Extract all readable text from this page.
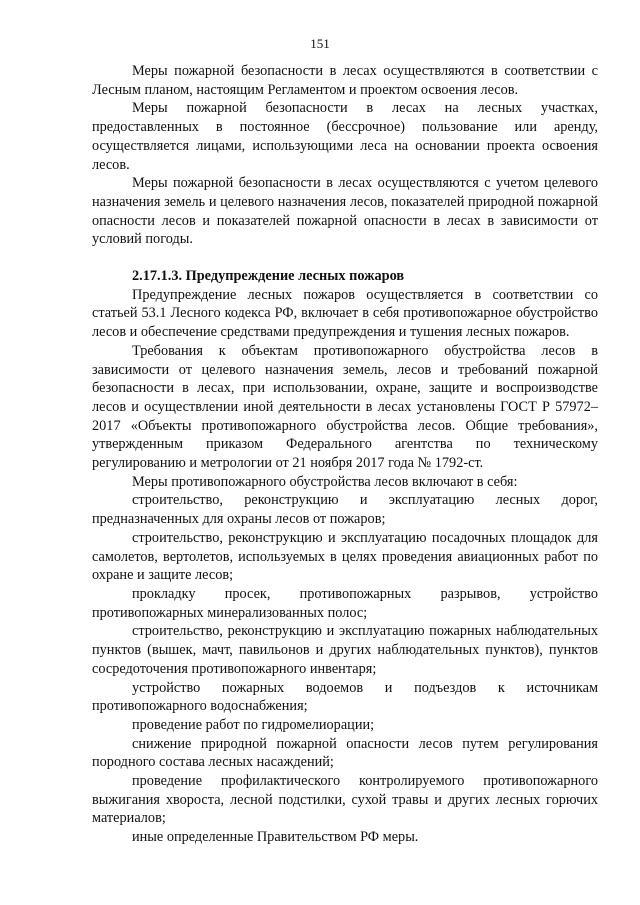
151

Меры пожарной безопасности в лесах осуществляются в соответствии с Лесным планом, настоящим Регламентом и проектом освоения лесов.

Меры пожарной безопасности в лесах на лесных участках, предоставленных в постоянное (бессрочное) пользование или аренду, осуществляется лицами, использующими леса на основании проекта освоения лесов.

Меры пожарной безопасности в лесах осуществляются с учетом целевого назначения земель и целевого назначения лесов, показателей природной пожарной опасности лесов и показателей пожарной опасности в лесах в зависимости от условий погоды.

2.17.1.3. Предупреждение лесных пожаров

Предупреждение лесных пожаров осуществляется в соответствии со статьей 53.1 Лесного кодекса РФ, включает в себя противопожарное обустройство лесов и обеспечение средствами предупреждения и тушения лесных пожаров.

Требования к объектам противопожарного обустройства лесов в зависимости от целевого назначения земель, лесов и требований пожарной безопасности в лесах, при использовании, охране, защите и воспроизводстве лесов и осуществлении иной деятельности в лесах установлены ГОСТ Р 57972–2017 «Объекты противопожарного обустройства лесов. Общие требования», утвержденным приказом Федерального агентства по техническому регулированию и метрологии от 21 ноября 2017 года № 1792-ст.

Меры противопожарного обустройства лесов включают в себя:

строительство, реконструкцию и эксплуатацию лесных дорог, предназначенных для охраны лесов от пожаров;

строительство, реконструкцию и эксплуатацию посадочных площадок для самолетов, вертолетов, используемых в целях проведения авиационных работ по охране и защите лесов;

прокладку просек, противопожарных разрывов, устройство противопожарных минерализованных полос;

строительство, реконструкцию и эксплуатацию пожарных наблюдательных пунктов (вышек, мачт, павильонов и других наблюдательных пунктов), пунктов сосредоточения противопожарного инвентаря;

устройство пожарных водоемов и подъездов к источникам противопожарного водоснабжения;

проведение работ по гидромелиорации;

снижение природной пожарной опасности лесов путем регулирования породного состава лесных насаждений;

проведение профилактического контролируемого противопожарного выжигания хвороста, лесной подстилки, сухой травы и других лесных горючих материалов;

иные определенные Правительством РФ меры.
